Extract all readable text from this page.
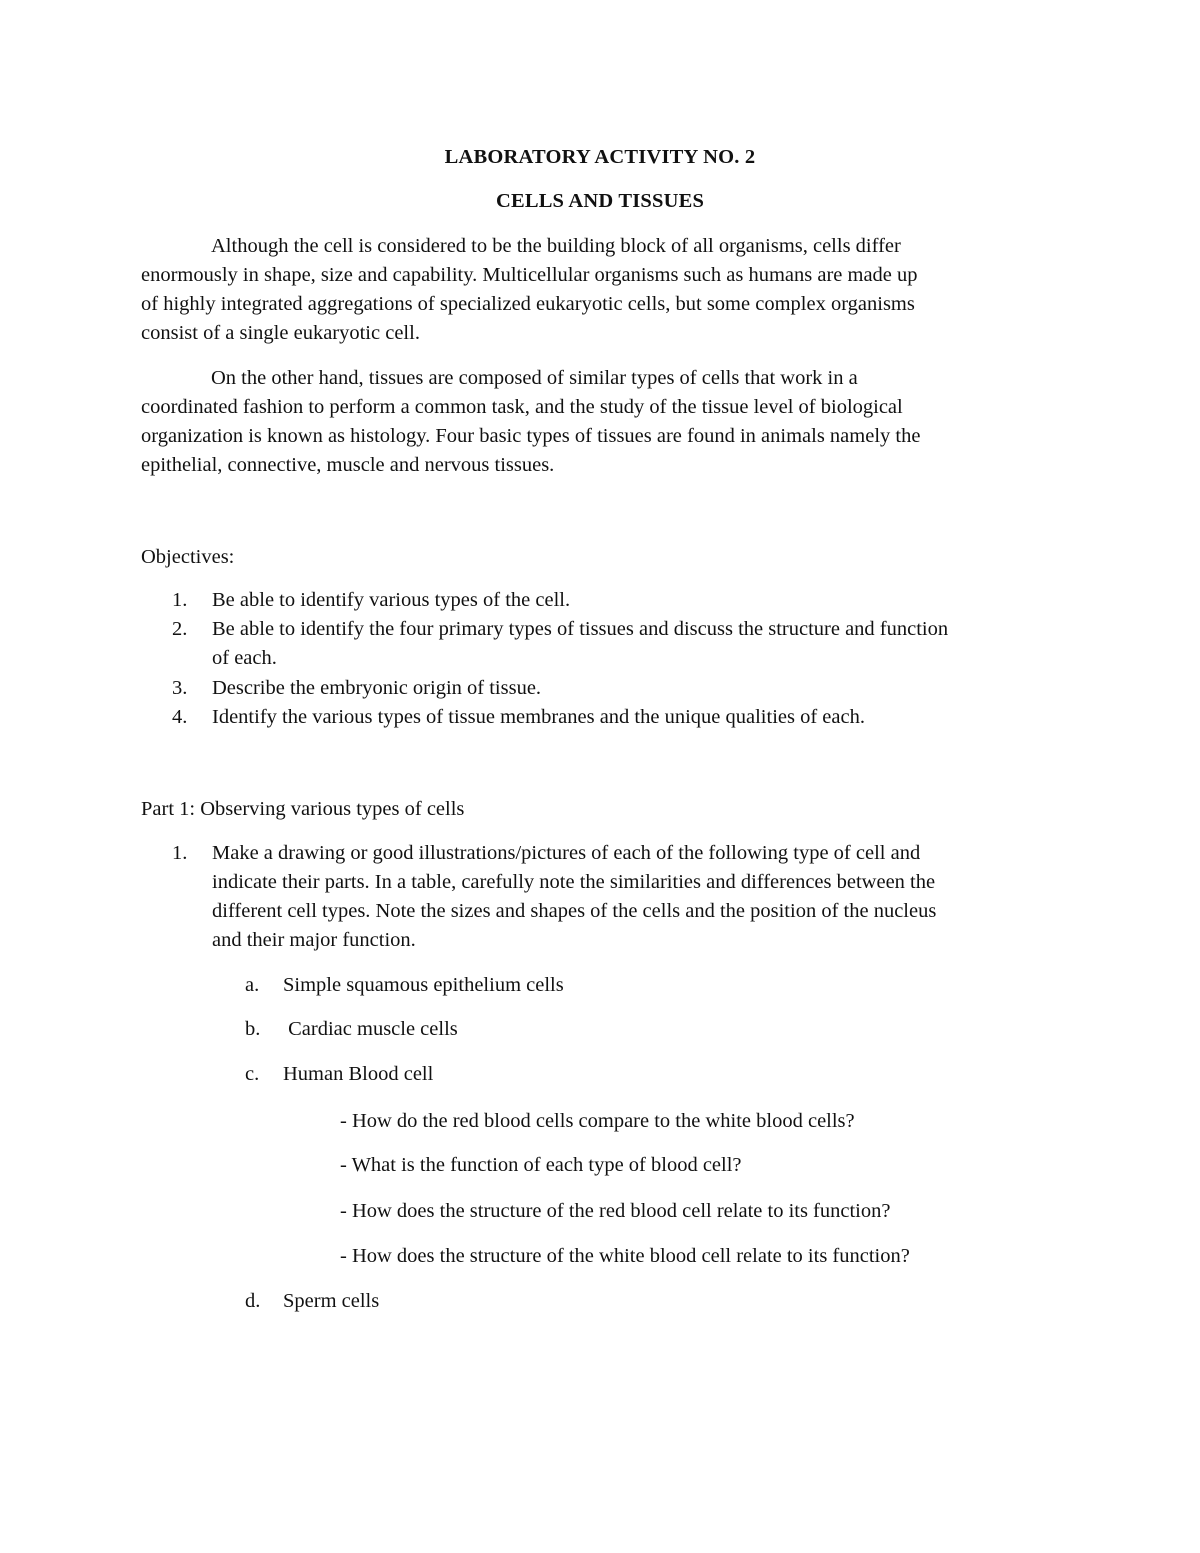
LABORATORY ACTIVITY NO. 2
CELLS AND TISSUES
Although the cell is considered to be the building block of all organisms, cells differ
enormously in shape, size and capability. Multicellular organisms such as humans are made up
of highly integrated aggregations of specialized eukaryotic cells, but some complex organisms
consist of a single eukaryotic cell.
On the other hand, tissues are composed of similar types of cells that work in a
coordinated fashion to perform a common task, and the study of the tissue level of biological
organization is known as histology. Four basic types of tissues are found in animals namely the
epithelial, connective, muscle and nervous tissues.
Objectives:
1.	Be able to identify various types of the cell.
2.	Be able to identify the four primary types of tissues and discuss the structure and function
of each.
3.	Describe the embryonic origin of tissue.
4.	Identify the various types of tissue membranes and the unique qualities of each.
Part 1: Observing various types of cells
1.	Make a drawing or good illustrations/pictures of each of the following type of cell and
indicate their parts. In a table, carefully note the similarities and differences between the
different cell types. Note the sizes and shapes of the cells and the position of the nucleus
and their major function.
a. Simple squamous epithelium cells
b. Cardiac muscle cells
c. Human Blood cell
- How do the red blood cells compare to the white blood cells?
- What is the function of each type of blood cell?
- How does the structure of the red blood cell relate to its function?
- How does the structure of the white blood cell relate to its function?
d. Sperm cells
